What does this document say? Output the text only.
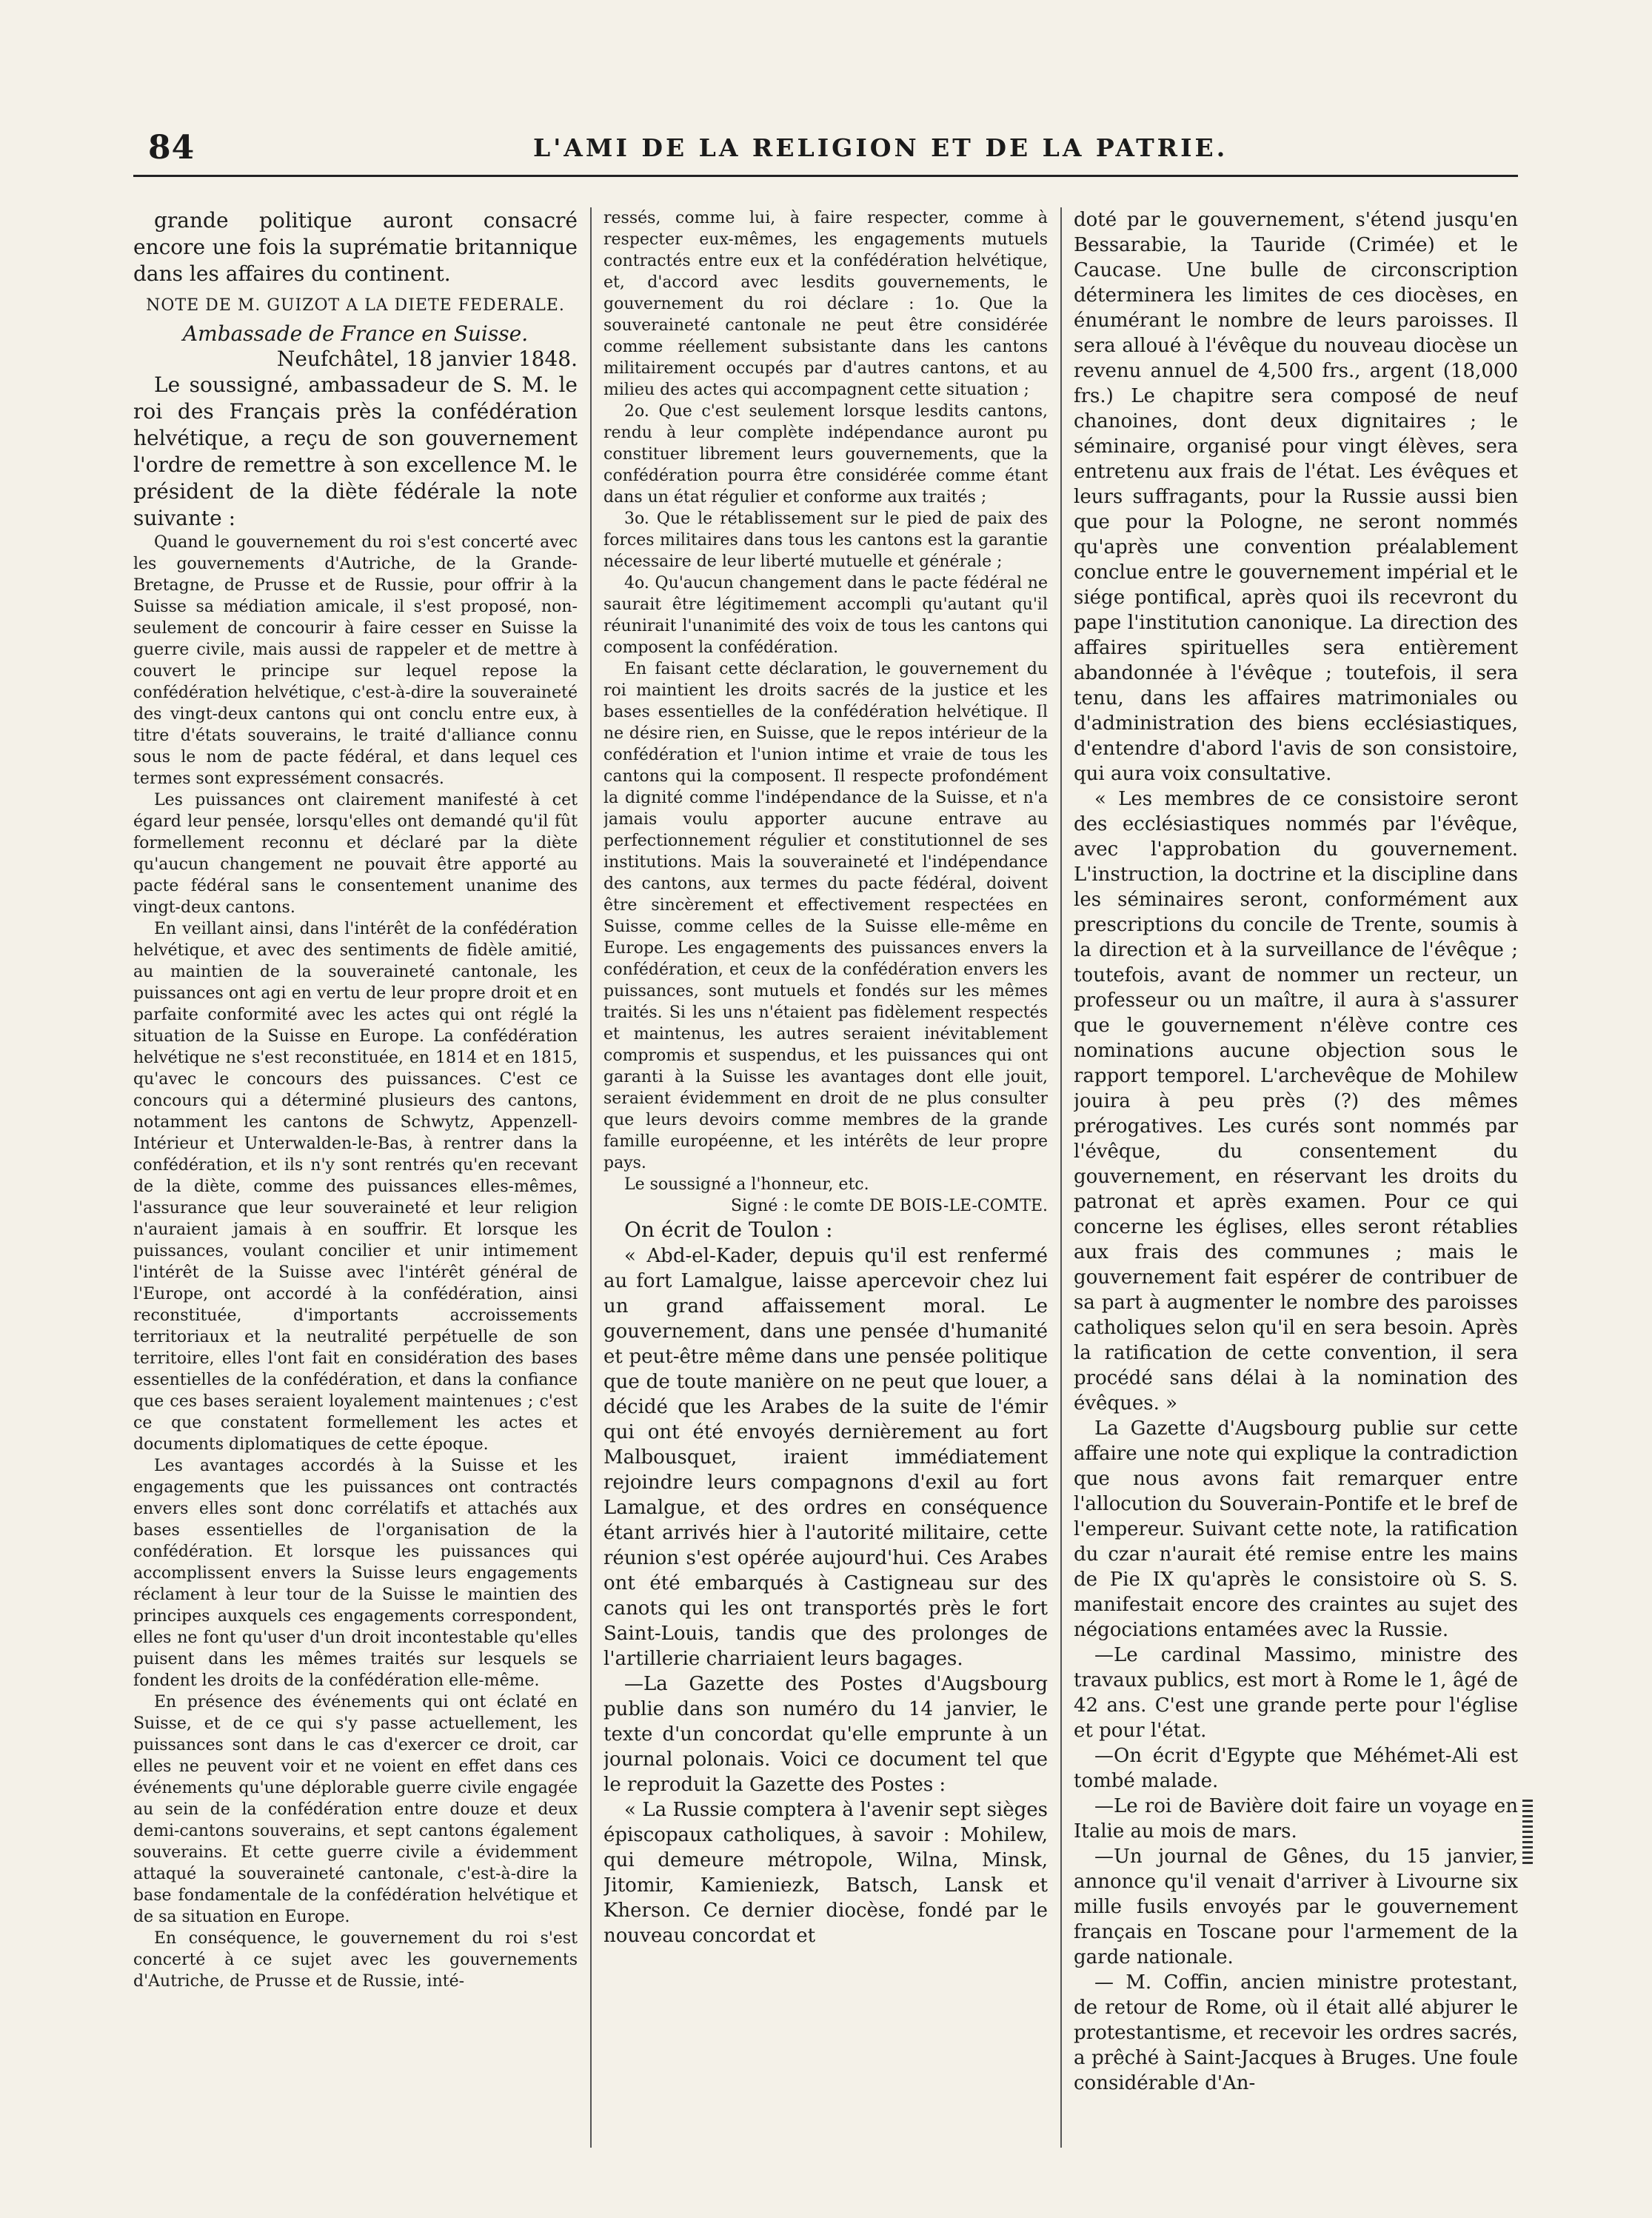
84	L'AMI DE LA RELIGION ET DE LA PATRIE.

grande politique auront consacré encore une fois la suprématie britannique dans les affaires du continent.

NOTE DE M. GUIZOT A LA DIETE FEDERALE.

Ambassade de France en Suisse.

Neufchâtel, 18 janvier 1848.

Le soussigné, ambassadeur de S. M. le roi des Français près la confédération helvétique, a reçu de son gouvernement l'ordre de remettre à son excellence M. le président de la diète fédérale la note suivante :

Quand le gouvernement du roi s'est concerté avec les gouvernements d'Autriche, de la Grande-Bretagne, de Prusse et de Russie, pour offrir à la Suisse sa médiation amicale, il s'est proposé, non-seulement de concourir à faire cesser en Suisse la guerre civile, mais aussi de rappeler et de mettre à couvert le principe sur lequel repose la confédération helvétique, c'est-à-dire la souveraineté des vingt-deux cantons qui ont conclu entre eux, à titre d'états souverains, le traité d'alliance connu sous le nom de pacte fédéral, et dans lequel ces termes sont expressément consacrés.

Les puissances ont clairement manifesté à cet égard leur pensée, lorsqu'elles ont demandé qu'il fût formellement reconnu et déclaré par la diète qu'aucun changement ne pouvait être apporté au pacte fédéral sans le consentement unanime des vingt-deux cantons.

En veillant ainsi, dans l'intérêt de la confédération helvétique, et avec des sentiments de fidèle amitié, au maintien de la souveraineté cantonale, les puissances ont agi en vertu de leur propre droit et en parfaite conformité avec les actes qui ont réglé la situation de la Suisse en Europe. La confédération helvétique ne s'est reconstituée, en 1814 et en 1815, qu'avec le concours des puissances. C'est ce concours qui a déterminé plusieurs des cantons, notamment les cantons de Schwytz, Appenzell-Intérieur et Unterwalden-le-Bas, à rentrer dans la confédération, et ils n'y sont rentrés qu'en recevant de la diète, comme des puissances elles-mêmes, l'assurance que leur souveraineté et leur religion n'auraient jamais à en souffrir. Et lorsque les puissances, voulant concilier et unir intimement l'intérêt de la Suisse avec l'intérêt général de l'Europe, ont accordé à la confédération, ainsi reconstituée, d'importants accroissements territoriaux et la neutralité perpétuelle de son territoire, elles l'ont fait en considération des bases essentielles de la confédération, et dans la confiance que ces bases seraient loyalement maintenues ; c'est ce que constatent formellement les actes et documents diplomatiques de cette époque.

Les avantages accordés à la Suisse et les engagements que les puissances ont contractés envers elles sont donc corrélatifs et attachés aux bases essentielles de l'organisation de la confédération. Et lorsque les puissances qui accomplissent envers la Suisse leurs engagements réclament à leur tour de la Suisse le maintien des principes auxquels ces engagements correspondent, elles ne font qu'user d'un droit incontestable qu'elles puisent dans les mêmes traités sur lesquels se fondent les droits de la confédération elle-même.

En présence des événements qui ont éclaté en Suisse, et de ce qui s'y passe actuellement, les puissances sont dans le cas d'exercer ce droit, car elles ne peuvent voir et ne voient en effet dans ces événements qu'une déplorable guerre civile engagée au sein de la confédération entre douze et deux demi-cantons souverains, et sept cantons également souverains. Et cette guerre civile a évidemment attaqué la souveraineté cantonale, c'est-à-dire la base fondamentale de la confédération helvétique et de sa situation en Europe.

En conséquence, le gouvernement du roi s'est concerté à ce sujet avec les gouvernements d'Autriche, de Prusse et de Russie, inté-

ressés, comme lui, à faire respecter, comme à respecter eux-mêmes, les engagements mutuels contractés entre eux et la confédération helvétique, et, d'accord avec lesdits gouvernements, le gouvernement du roi déclare : 1o. Que la souveraineté cantonale ne peut être considérée comme réellement subsistante dans les cantons militairement occupés par d'autres cantons, et au milieu des actes qui accompagnent cette situation ;

2o. Que c'est seulement lorsque lesdits cantons, rendu à leur complète indépendance auront pu constituer librement leurs gouvernements, que la confédération pourra être considérée comme étant dans un état régulier et conforme aux traités ;

3o. Que le rétablissement sur le pied de paix des forces militaires dans tous les cantons est la garantie nécessaire de leur liberté mutuelle et générale ;

4o. Qu'aucun changement dans le pacte fédéral ne saurait être légitimement accompli qu'autant qu'il réunirait l'unanimité des voix de tous les cantons qui composent la confédération.

En faisant cette déclaration, le gouvernement du roi maintient les droits sacrés de la justice et les bases essentielles de la confédération helvétique. Il ne désire rien, en Suisse, que le repos intérieur de la confédération et l'union intime et vraie de tous les cantons qui la composent. Il respecte profondément la dignité comme l'indépendance de la Suisse, et n'a jamais voulu apporter aucune entrave au perfectionnement régulier et constitutionnel de ses institutions. Mais la souveraineté et l'indépendance des cantons, aux termes du pacte fédéral, doivent être sincèrement et effectivement respectées en Suisse, comme celles de la Suisse elle-même en Europe. Les engagements des puissances envers la confédération, et ceux de la confédération envers les puissances, sont mutuels et fondés sur les mêmes traités. Si les uns n'étaient pas fidèlement respectés et maintenus, les autres seraient inévitablement compromis et suspendus, et les puissances qui ont garanti à la Suisse les avantages dont elle jouit, seraient évidemment en droit de ne plus consulter que leurs devoirs comme membres de la grande famille européenne, et les intérêts de leur propre pays.

Le soussigné a l'honneur, etc.

Signé : le comte DE BOIS-LE-COMTE.

On écrit de Toulon :

« Abd-el-Kader, depuis qu'il est renfermé au fort Lamalgue, laisse apercevoir chez lui un grand affaissement moral. Le gouvernement, dans une pensée d'humanité et peut-être même dans une pensée politique que de toute manière on ne peut que louer, a décidé que les Arabes de la suite de l'émir qui ont été envoyés dernièrement au fort Malbousquet, iraient immédiatement rejoindre leurs compagnons d'exil au fort Lamalgue, et des ordres en conséquence étant arrivés hier à l'autorité militaire, cette réunion s'est opérée aujourd'hui. Ces Arabes ont été embarqués à Castigneau sur des canots qui les ont transportés près le fort Saint-Louis, tandis que des prolonges de l'artillerie charriaient leurs bagages.

—La Gazette des Postes d'Augsbourg publie dans son numéro du 14 janvier, le texte d'un concordat qu'elle emprunte à un journal polonais. Voici ce document tel que le reproduit la Gazette des Postes :

« La Russie comptera à l'avenir sept sièges épiscopaux catholiques, à savoir : Mohilew, qui demeure métropole, Wilna, Minsk, Jitomir, Kamieniezk, Batsch, Lansk et Kherson. Ce dernier diocèse, fondé par le nouveau concordat et

doté par le gouvernement, s'étend jusqu'en Bessarabie, la Tauride (Crimée) et le Caucase. Une bulle de circonscription déterminera les limites de ces diocèses, en énumérant le nombre de leurs paroisses. Il sera alloué à l'évêque du nouveau diocèse un revenu annuel de 4,500 frs., argent (18,000 frs.) Le chapitre sera composé de neuf chanoines, dont deux dignitaires ; le séminaire, organisé pour vingt élèves, sera entretenu aux frais de l'état. Les évêques et leurs suffragants, pour la Russie aussi bien que pour la Pologne, ne seront nommés qu'après une convention préalablement conclue entre le gouvernement impérial et le siége pontifical, après quoi ils recevront du pape l'institution canonique. La direction des affaires spirituelles sera entièrement abandonnée à l'évêque ; toutefois, il sera tenu, dans les affaires matrimoniales ou d'administration des biens ecclésiastiques, d'entendre d'abord l'avis de son consistoire, qui aura voix consultative.

« Les membres de ce consistoire seront des ecclésiastiques nommés par l'évêque, avec l'approbation du gouvernement. L'instruction, la doctrine et la discipline dans les séminaires seront, conformément aux prescriptions du concile de Trente, soumis à la direction et à la surveillance de l'évêque ; toutefois, avant de nommer un recteur, un professeur ou un maître, il aura à s'assurer que le gouvernement n'élève contre ces nominations aucune objection sous le rapport temporel. L'archevêque de Mohilew jouira à peu près (?) des mêmes prérogatives. Les curés sont nommés par l'évêque, du consentement du gouvernement, en réservant les droits du patronat et après examen. Pour ce qui concerne les églises, elles seront rétablies aux frais des communes ; mais le gouvernement fait espérer de contribuer de sa part à augmenter le nombre des paroisses catholiques selon qu'il en sera besoin. Après la ratification de cette convention, il sera procédé sans délai à la nomination des évêques. »

La Gazette d'Augsbourg publie sur cette affaire une note qui explique la contradiction que nous avons fait remarquer entre l'allocution du Souverain-Pontife et le bref de l'empereur. Suivant cette note, la ratification du czar n'aurait été remise entre les mains de Pie IX qu'après le consistoire où S. S. manifestait encore des craintes au sujet des négociations entamées avec la Russie.

—Le cardinal Massimo, ministre des travaux publics, est mort à Rome le 1, âgé de 42 ans. C'est une grande perte pour l'église et pour l'état.

—On écrit d'Egypte que Méhémet-Ali est tombé malade.

—Le roi de Bavière doit faire un voyage en Italie au mois de mars.

—Un journal de Gênes, du 15 janvier, annonce qu'il venait d'arriver à Livourne six mille fusils envoyés par le gouvernement français en Toscane pour l'armement de la garde nationale.

— M. Coffin, ancien ministre protestant, de retour de Rome, où il était allé abjurer le protestantisme, et recevoir les ordres sacrés, a prêché à Saint-Jacques à Bruges. Une foule considérable d'An-
